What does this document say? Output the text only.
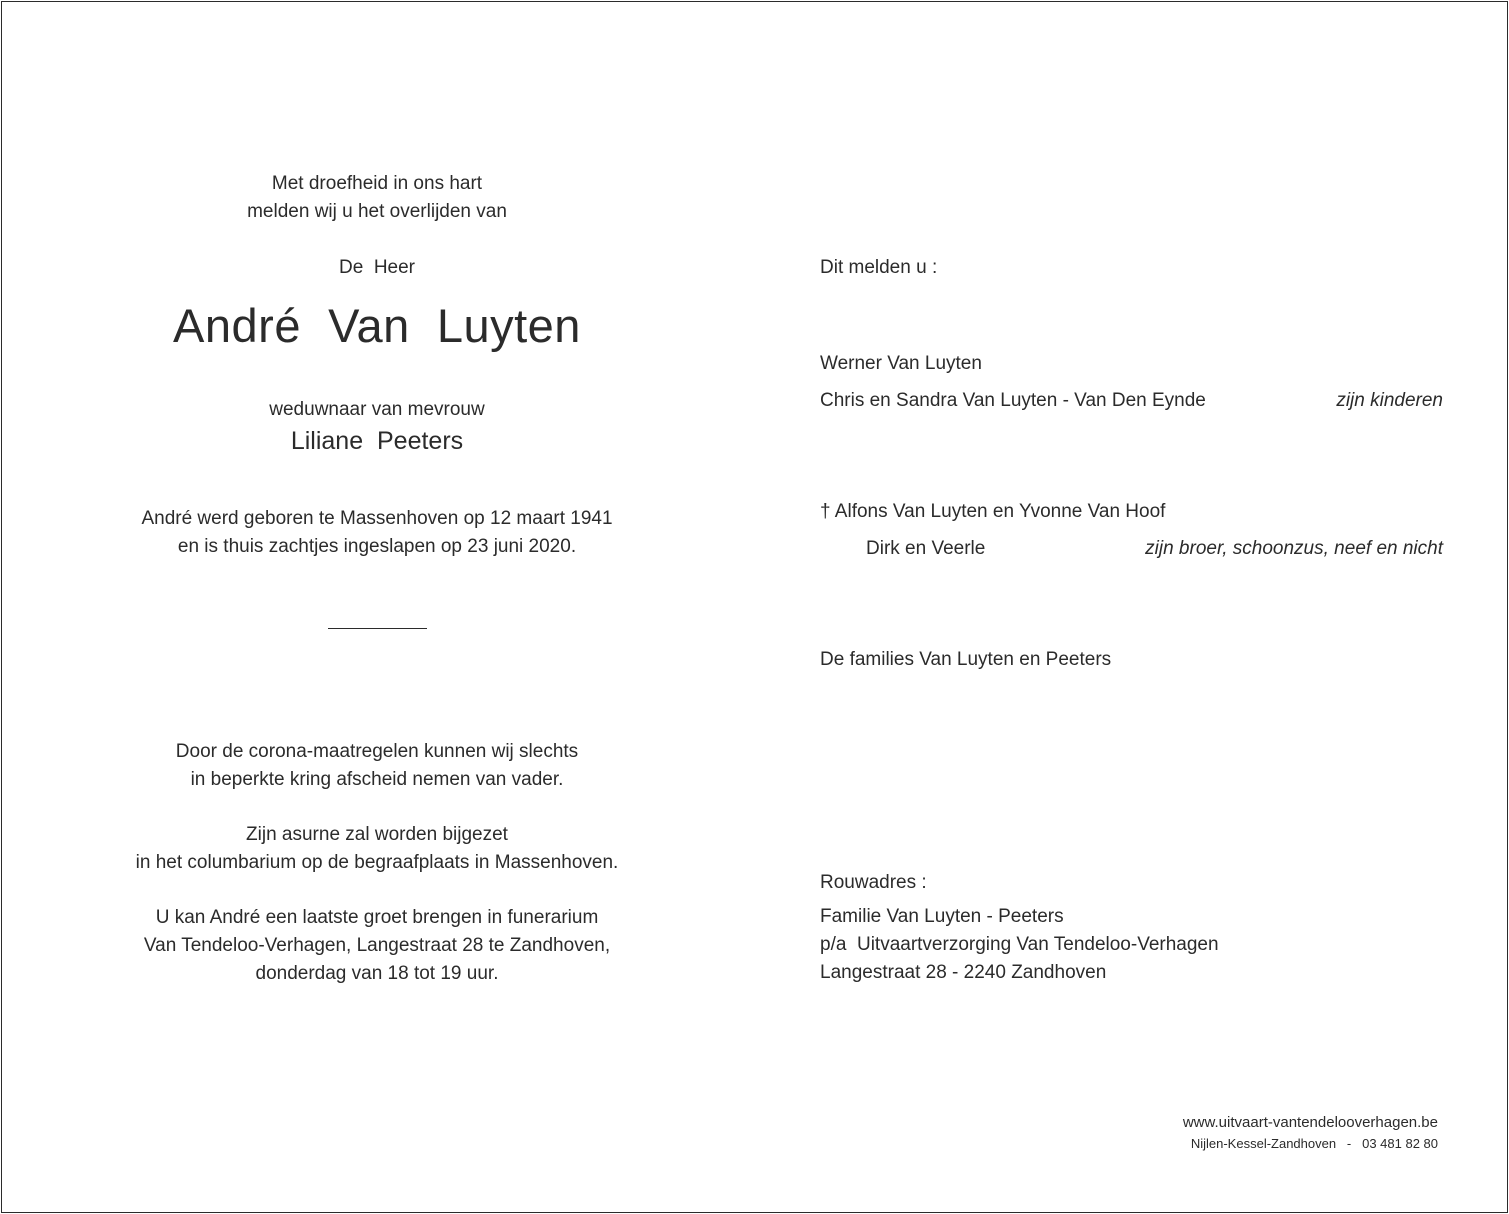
Met droefheid in ons hart
melden wij u het overlijden van
De  Heer
André  Van  Luyten
weduwnaar van mevrouw
Liliane  Peeters
André werd geboren te Massenhoven op 12 maart 1941
en is thuis zachtjes ingeslapen op 23 juni 2020.
Door de corona-maatregelen kunnen wij slechts
in beperkte kring afscheid nemen van vader.
Zijn asurne zal worden bijgezet
in het columbarium op de begraafplaats in Massenhoven.
U kan André een laatste groet brengen in funerarium
Van Tendeloo-Verhagen, Langestraat 28 te Zandhoven,
donderdag van 18 tot 19 uur.
Dit melden u :
Werner Van Luyten
Chris en Sandra Van Luyten - Van Den Eynde	zijn kinderen
† Alfons Van Luyten en Yvonne Van Hoof
Dirk en Veerle	zijn broer, schoonzus, neef en nicht
De families Van Luyten en Peeters
Rouwadres :
Familie Van Luyten - Peeters
p/a  Uitvaartverzorging Van Tendeloo-Verhagen
Langestraat 28 - 2240 Zandhoven
www.uitvaart-vantendelooverhagen.be
Nijlen-Kessel-Zandhoven   -   03 481 82 80
